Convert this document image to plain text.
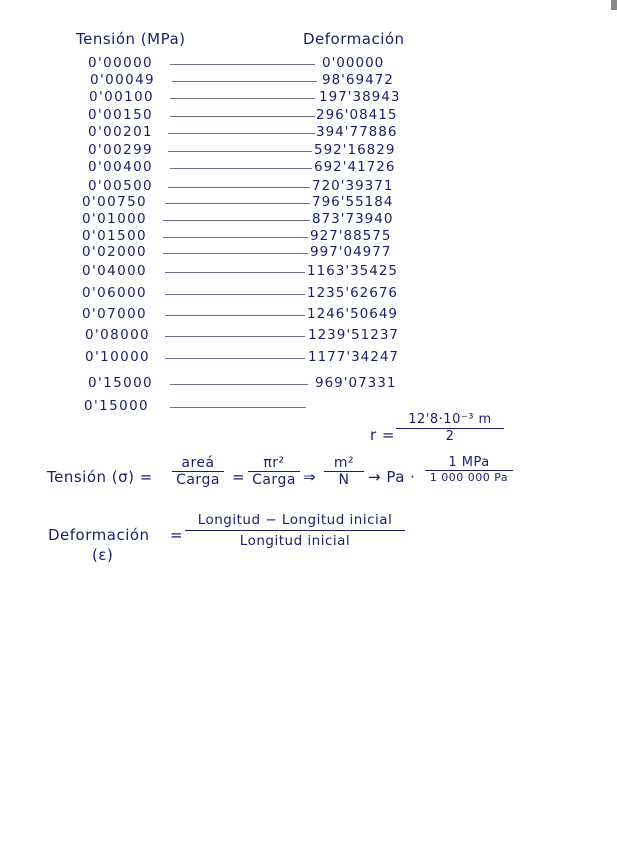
Tensión (MPa)	Deformación
0'00000	0'00000
0'00049	98'69472
0'00100	197'38943
0'00150	296'08415
0'00201	394'77886
0'00299	592'16829
0'00400	692'41726
0'00500	720'39371
0'00750	796'55184
0'01000	873'73940
0'01500	927'88575
0'02000	997'04977
0'04000	1163'35425
0'06000	1235'62676
0'07000	1246'50649
0'08000	1239'51237
0'10000	1177'34247
0'15000	969'07331
0'15000
$r = \frac{\text{12'8·10⁻³ m}}{2}$
Tensión (σ) =
areá
Carga =
πr²
Carga ⇒ $\frac{\text{m²}}{N} \to Pa$ ·
1 MPa
1 000 000 Pa
Deformación
(ε)
=
Longitud − Longitud inicial
Longitud inicial
